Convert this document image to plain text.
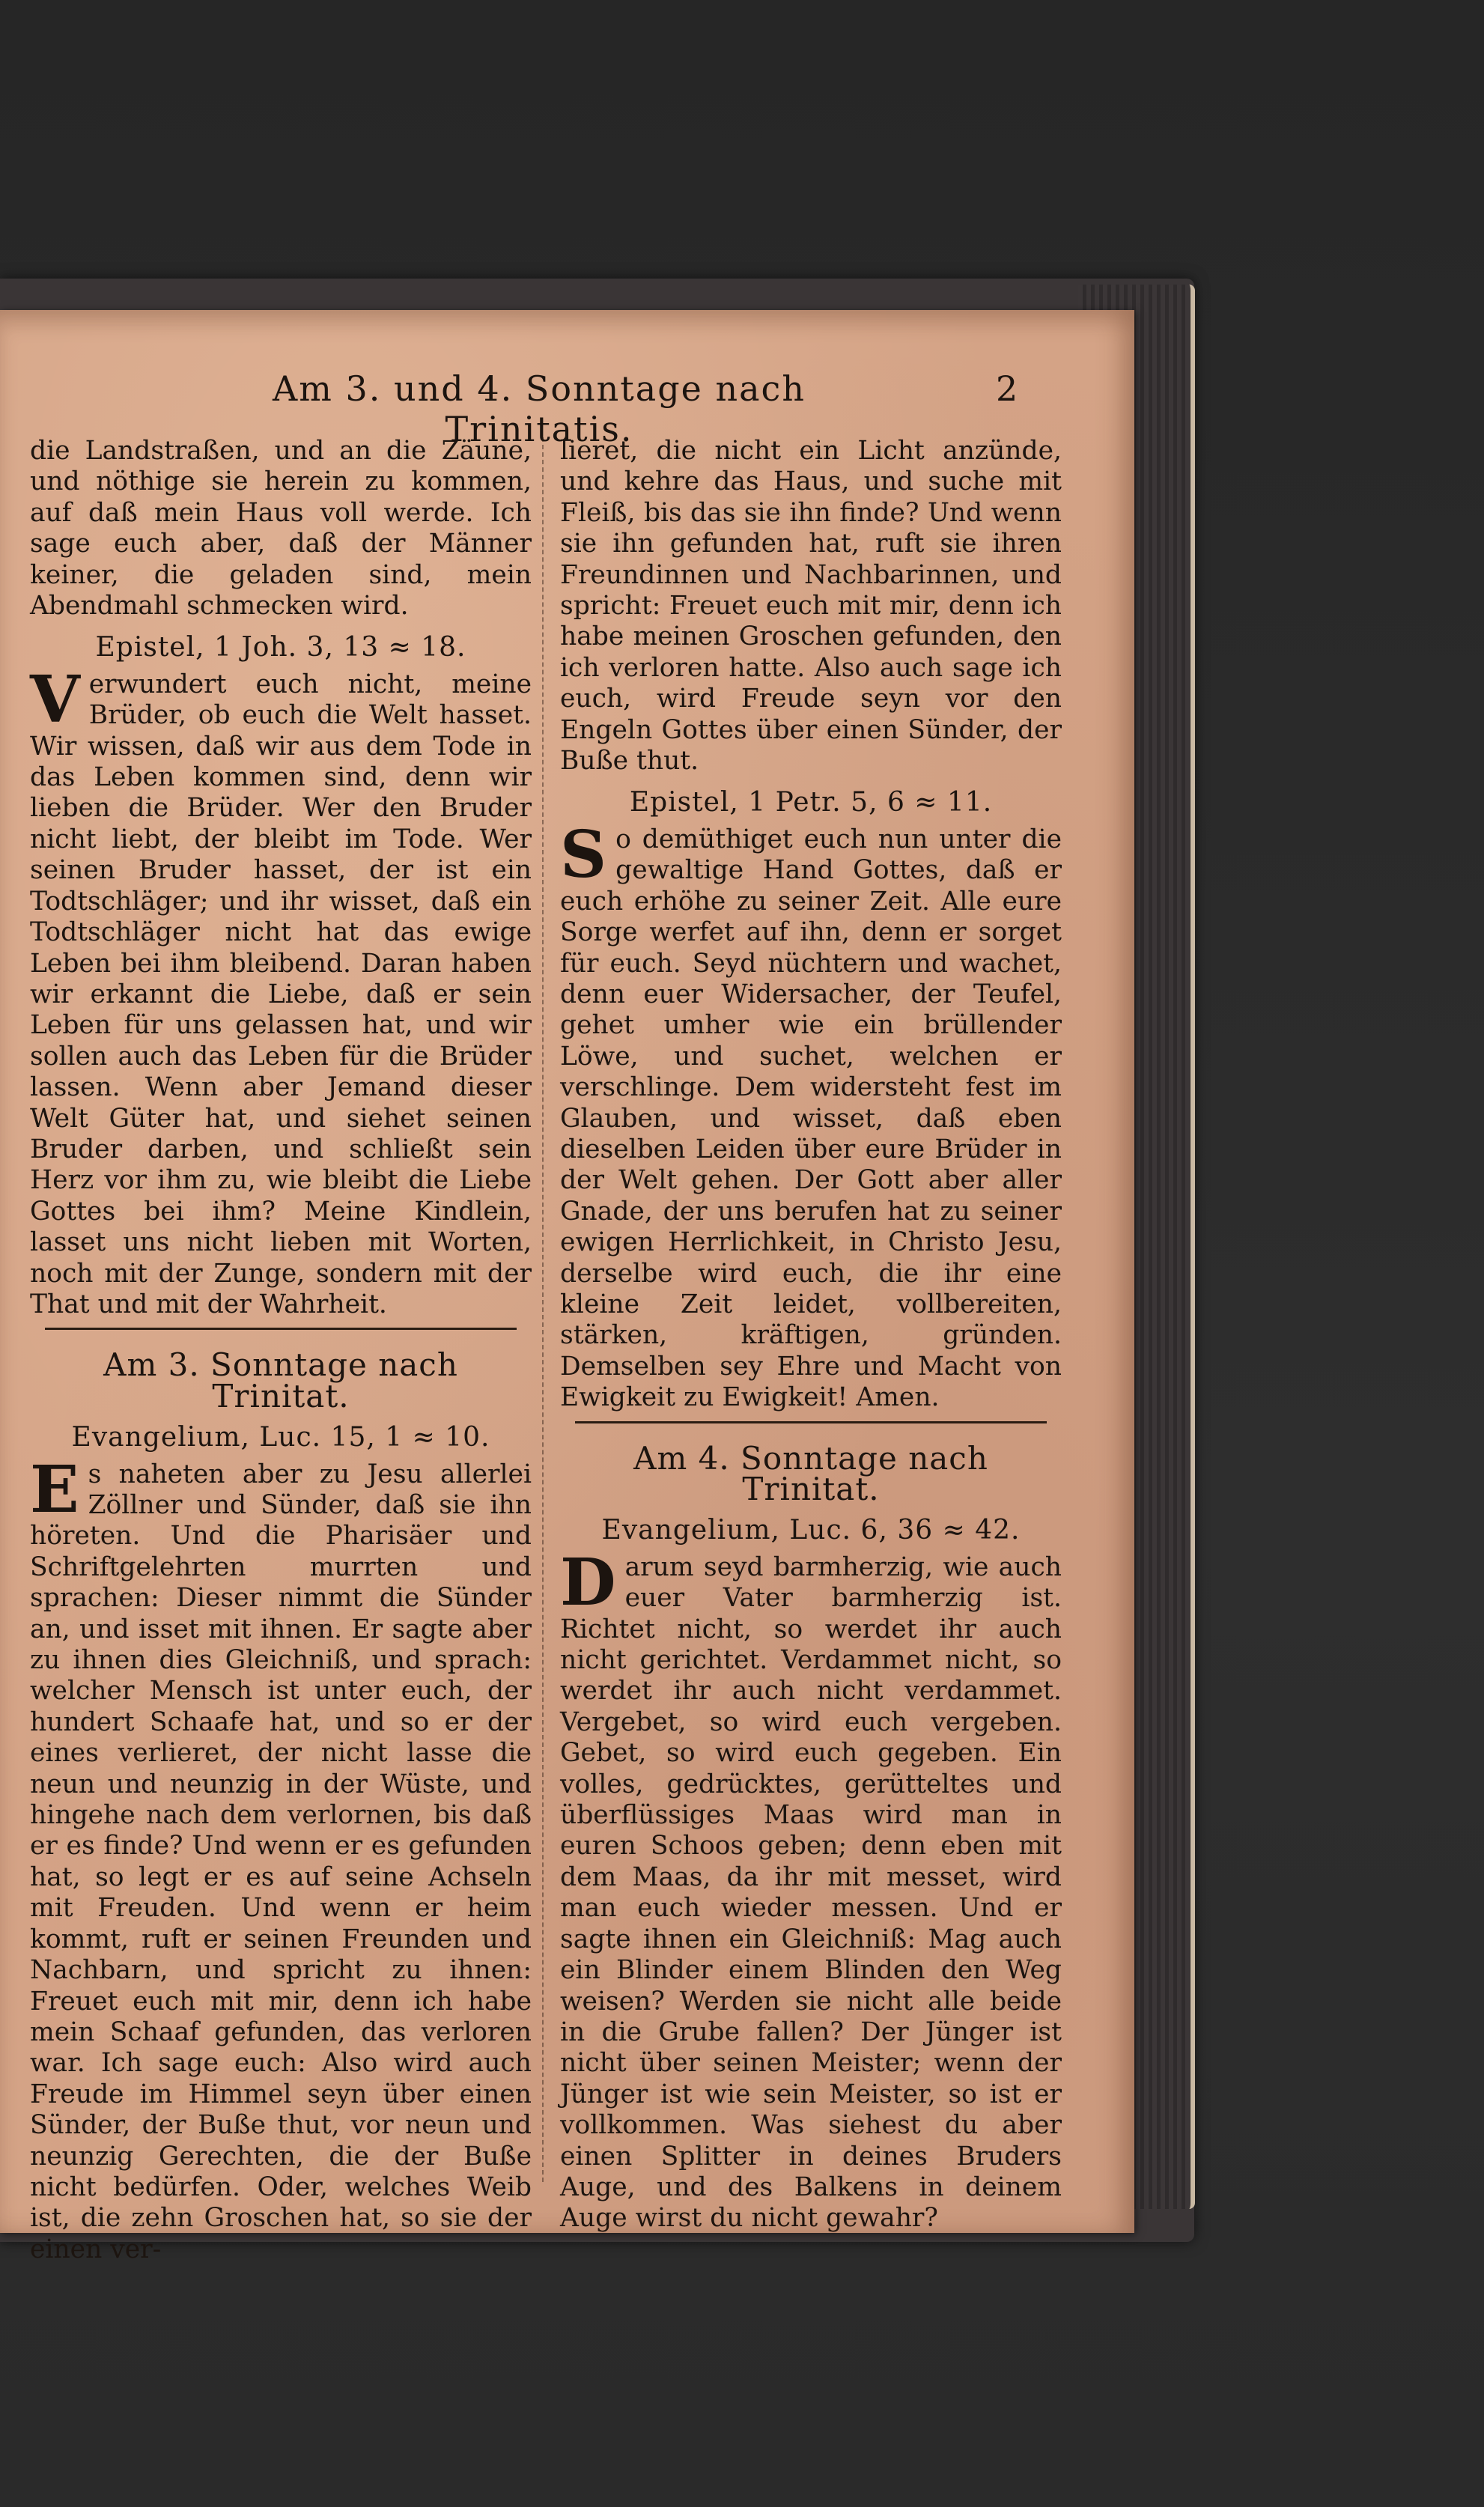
Am 3. und 4. Sonntage nach Trinitatis.
2

die Landstraßen, und an die Zäune, und nöthige sie herein zu kommen, auf daß mein Haus voll werde. Ich sage euch aber, daß der Männer keiner, die geladen sind, mein Abendmahl schmecken wird.

Epistel, 1 Joh. 3, 13 ≈ 18.

Verwundert euch nicht, meine Brüder, ob euch die Welt hasset. Wir wissen, daß wir aus dem Tode in das Leben kommen sind, denn wir lieben die Brüder. Wer den Bruder nicht liebt, der bleibt im Tode. Wer seinen Bruder hasset, der ist ein Todtschläger; und ihr wisset, daß ein Todtschläger nicht hat das ewige Leben bei ihm bleibend. Daran haben wir erkannt die Liebe, daß er sein Leben für uns gelassen hat, und wir sollen auch das Leben für die Brüder lassen. Wenn aber Jemand dieser Welt Güter hat, und siehet seinen Bruder darben, und schließt sein Herz vor ihm zu, wie bleibt die Liebe Gottes bei ihm? Meine Kindlein, lasset uns nicht lieben mit Worten, noch mit der Zunge, sondern mit der That und mit der Wahrheit.

Am 3. Sonntage nach Trinitat.
Evangelium, Luc. 15, 1 ≈ 10.

Es naheten aber zu Jesu allerlei Zöllner und Sünder, daß sie ihn höreten. Und die Pharisäer und Schriftgelehrten murrten und sprachen: Dieser nimmt die Sünder an, und isset mit ihnen. Er sagte aber zu ihnen dies Gleichniß, und sprach: welcher Mensch ist unter euch, der hundert Schaafe hat, und so er der eines verlieret, der nicht lasse die neun und neunzig in der Wüste, und hingehe nach dem verlornen, bis daß er es finde? Und wenn er es gefunden hat, so legt er es auf seine Achseln mit Freuden. Und wenn er heim kommt, ruft er seinen Freunden und Nachbarn, und spricht zu ihnen: Freuet euch mit mir, denn ich habe mein Schaaf gefunden, das verloren war. Ich sage euch: Also wird auch Freude im Himmel seyn über einen Sünder, der Buße thut, vor neun und neunzig Gerechten, die der Buße nicht bedürfen. Oder, welches Weib ist, die zehn Groschen hat, so sie der einen ver-

lieret, die nicht ein Licht anzünde, und kehre das Haus, und suche mit Fleiß, bis das sie ihn finde? Und wenn sie ihn gefunden hat, ruft sie ihren Freundinnen und Nachbarinnen, und spricht: Freuet euch mit mir, denn ich habe meinen Groschen gefunden, den ich verloren hatte. Also auch sage ich euch, wird Freude seyn vor den Engeln Gottes über einen Sünder, der Buße thut.

Epistel, 1 Petr. 5, 6 ≈ 11.

So demüthiget euch nun unter die gewaltige Hand Gottes, daß er euch erhöhe zu seiner Zeit. Alle eure Sorge werfet auf ihn, denn er sorget für euch. Seyd nüchtern und wachet, denn euer Widersacher, der Teufel, gehet umher wie ein brüllender Löwe, und suchet, welchen er verschlinge. Dem widersteht fest im Glauben, und wisset, daß eben dieselben Leiden über eure Brüder in der Welt gehen. Der Gott aber aller Gnade, der uns berufen hat zu seiner ewigen Herrlichkeit, in Christo Jesu, derselbe wird euch, die ihr eine kleine Zeit leidet, vollbereiten, stärken, kräftigen, gründen. Demselben sey Ehre und Macht von Ewigkeit zu Ewigkeit! Amen.

Am 4. Sonntage nach Trinitat.
Evangelium, Luc. 6, 36 ≈ 42.

Darum seyd barmherzig, wie auch euer Vater barmherzig ist. Richtet nicht, so werdet ihr auch nicht gerichtet. Verdammet nicht, so werdet ihr auch nicht verdammet. Vergebet, so wird euch vergeben. Gebet, so wird euch gegeben. Ein volles, gedrücktes, gerütteltes und überflüssiges Maas wird man in euren Schoos geben; denn eben mit dem Maas, da ihr mit messet, wird man euch wieder messen. Und er sagte ihnen ein Gleichniß: Mag auch ein Blinder einem Blinden den Weg weisen? Werden sie nicht alle beide in die Grube fallen? Der Jünger ist nicht über seinen Meister; wenn der Jünger ist wie sein Meister, so ist er vollkommen. Was siehest du aber einen Splitter in deines Bruders Auge, und des Balkens in deinem Auge wirst du nicht gewahr?
